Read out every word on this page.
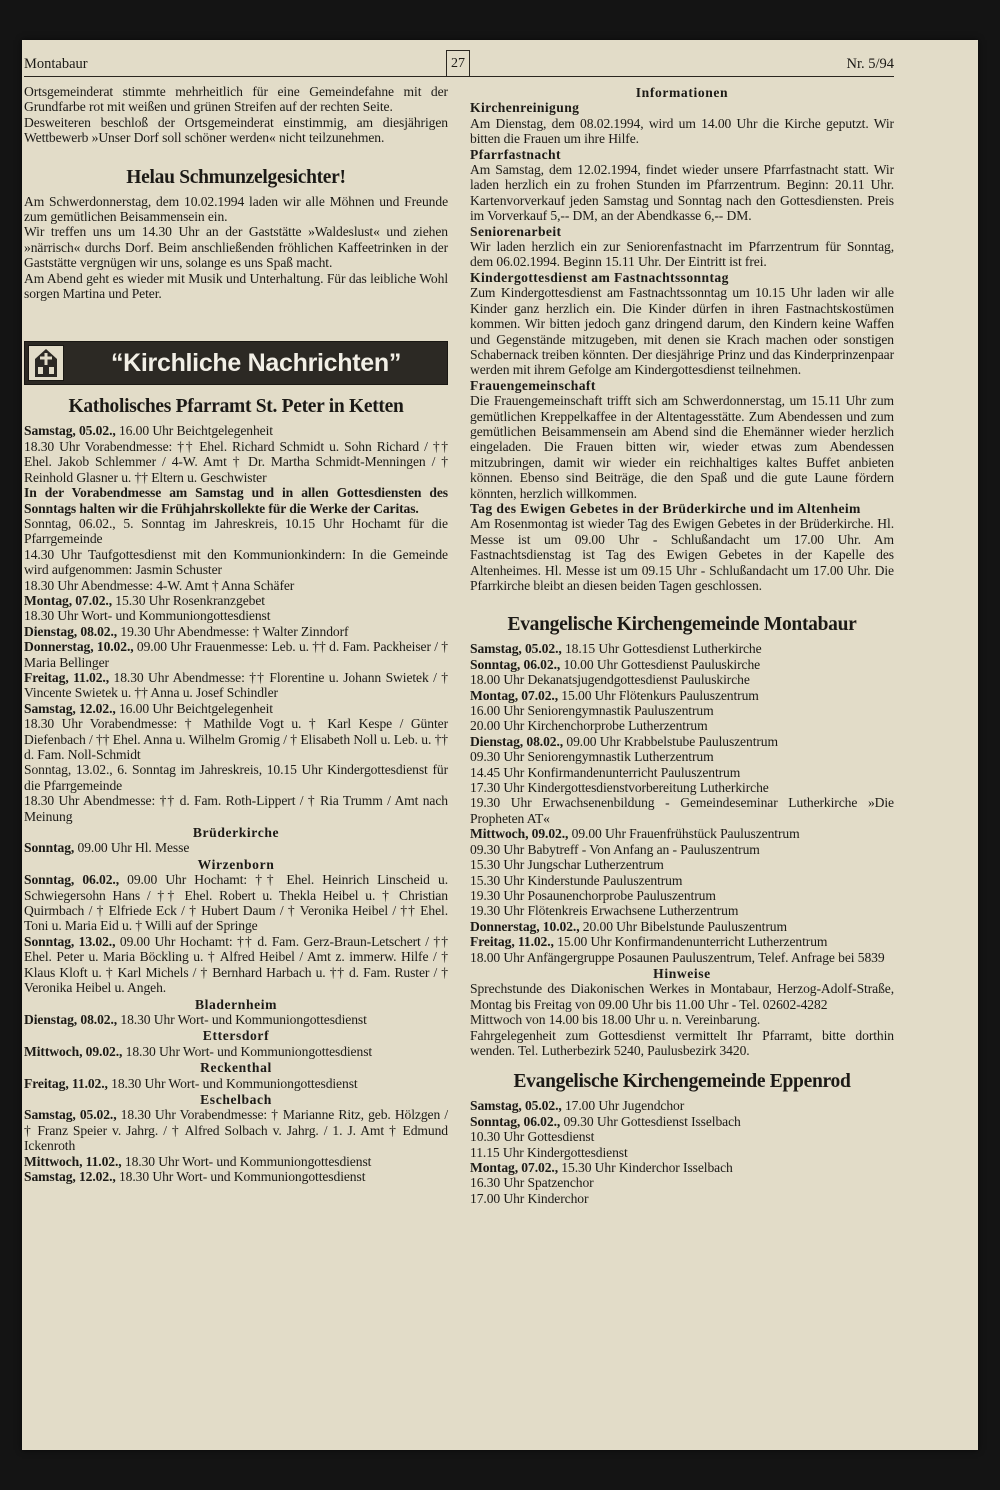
Montabaur	27	Nr. 5/94

Ortsgemeinderat stimmte mehrheitlich für eine Gemeindefahne mit der Grundfarbe rot mit weißen und grünen Streifen auf der rechten Seite.

Desweiteren beschloß der Ortsgemeinderat einstimmig, am diesjährigen Wettbewerb »Unser Dorf soll schöner werden« nicht teilzunehmen.

Helau Schmunzelgesichter!

Am Schwerdonnerstag, dem 10.02.1994 laden wir alle Möhnen und Freunde zum gemütlichen Beisammensein ein.

Wir treffen uns um 14.30 Uhr an der Gaststätte »Waldeslust« und ziehen »närrisch« durchs Dorf. Beim anschließenden fröhlichen Kaffeetrinken in der Gaststätte vergnügen wir uns, solange es uns Spaß macht.

Am Abend geht es wieder mit Musik und Unterhaltung. Für das leibliche Wohl sorgen Martina und Peter.

“Kirchliche Nachrichten”
Katholisches Pfarramt St. Peter in Ketten

Samstag, 05.02., 16.00 Uhr Beichtgelegenheit

18.30 Uhr Vorabendmesse: †† Ehel. Richard Schmidt u. Sohn Richard / †† Ehel. Jakob Schlemmer / 4-W. Amt † Dr. Martha Schmidt-Menningen / † Reinhold Glasner u. †† Eltern u. Geschwister

In der Vorabendmesse am Samstag und in allen Gottesdiensten des Sonntags halten wir die Frühjahrskollekte für die Werke der Caritas.

Sonntag, 06.02., 5. Sonntag im Jahreskreis, 10.15 Uhr Hochamt für die Pfarrgemeinde

14.30 Uhr Taufgottesdienst mit den Kommunionkindern: In die Gemeinde wird aufgenommen: Jasmin Schuster

18.30 Uhr Abendmesse: 4-W. Amt † Anna Schäfer

Montag, 07.02., 15.30 Uhr Rosenkranzgebet

18.30 Uhr Wort- und Kommuniongottesdienst

Dienstag, 08.02., 19.30 Uhr Abendmesse: † Walter Zinndorf

Donnerstag, 10.02., 09.00 Uhr Frauenmesse: Leb. u. †† d. Fam. Packheiser / † Maria Bellinger

Freitag, 11.02., 18.30 Uhr Abendmesse: †† Florentine u. Johann Swietek / † Vincente Swietek u. †† Anna u. Josef Schindler

Samstag, 12.02., 16.00 Uhr Beichtgelegenheit

18.30 Uhr Vorabendmesse: † Mathilde Vogt u. † Karl Kespe / Günter Diefenbach / †† Ehel. Anna u. Wilhelm Gromig / † Elisabeth Noll u. Leb. u. †† d. Fam. Noll-Schmidt

Sonntag, 13.02., 6. Sonntag im Jahreskreis, 10.15 Uhr Kindergottesdienst für die Pfarrgemeinde

18.30 Uhr Abendmesse: †† d. Fam. Roth-Lippert / † Ria Trumm / Amt nach Meinung

Brüderkirche

Sonntag, 09.00 Uhr Hl. Messe

Wirzenborn

Sonntag, 06.02., 09.00 Uhr Hochamt: †† Ehel. Heinrich Linscheid u. Schwiegersohn Hans / †† Ehel. Robert u. Thekla Heibel u. † Christian Quirmbach / † Elfriede Eck / † Hubert Daum / † Veronika Heibel / †† Ehel. Toni u. Maria Eid u. † Willi auf der Springe

Sonntag, 13.02., 09.00 Uhr Hochamt: †† d. Fam. Gerz-Braun-Letschert / †† Ehel. Peter u. Maria Böckling u. † Alfred Heibel / Amt z. immerw. Hilfe / † Klaus Kloft u. † Karl Michels / † Bernhard Harbach u. †† d. Fam. Ruster / † Veronika Heibel u. Angeh.

Bladernheim

Dienstag, 08.02., 18.30 Uhr Wort- und Kommuniongottesdienst

Ettersdorf

Mittwoch, 09.02., 18.30 Uhr Wort- und Kommuniongottesdienst

Reckenthal

Freitag, 11.02., 18.30 Uhr Wort- und Kommuniongottesdienst

Eschelbach

Samstag, 05.02., 18.30 Uhr Vorabendmesse: † Marianne Ritz, geb. Hölzgen / † Franz Speier v. Jahrg. / † Alfred Solbach v. Jahrg. / 1. J. Amt † Edmund Ickenroth

Mittwoch, 11.02., 18.30 Uhr Wort- und Kommuniongottesdienst

Samstag, 12.02., 18.30 Uhr Wort- und Kommuniongottesdienst

Informationen
Kirchenreinigung

Am Dienstag, dem 08.02.1994, wird um 14.00 Uhr die Kirche geputzt. Wir bitten die Frauen um ihre Hilfe.

Pfarrfastnacht

Am Samstag, dem 12.02.1994, findet wieder unsere Pfarrfastnacht statt. Wir laden herzlich ein zu frohen Stunden im Pfarrzentrum. Beginn: 20.11 Uhr. Kartenvorverkauf jeden Samstag und Sonntag nach den Gottesdiensten. Preis im Vorverkauf 5,-- DM, an der Abendkasse 6,-- DM.

Seniorenarbeit

Wir laden herzlich ein zur Seniorenfastnacht im Pfarrzentrum für Sonntag, dem 06.02.1994. Beginn 15.11 Uhr. Der Eintritt ist frei.

Kindergottesdienst am Fastnachtssonntag

Zum Kindergottesdienst am Fastnachtssonntag um 10.15 Uhr laden wir alle Kinder ganz herzlich ein. Die Kinder dürfen in ihren Fastnachtskostümen kommen. Wir bitten jedoch ganz dringend darum, den Kindern keine Waffen und Gegenstände mitzugeben, mit denen sie Krach machen oder sonstigen Schabernack treiben könnten. Der diesjährige Prinz und das Kinderprinzenpaar werden mit ihrem Gefolge am Kindergottesdienst teilnehmen.

Frauengemeinschaft

Die Frauengemeinschaft trifft sich am Schwerdonnerstag, um 15.11 Uhr zum gemütlichen Kreppelkaffee in der Altentagesstätte. Zum Abendessen und zum gemütlichen Beisammensein am Abend sind die Ehemänner wieder herzlich eingeladen. Die Frauen bitten wir, wieder etwas zum Abendessen mitzubringen, damit wir wieder ein reichhaltiges kaltes Buffet anbieten können. Ebenso sind Beiträge, die den Spaß und die gute Laune fördern könnten, herzlich willkommen.

Tag des Ewigen Gebetes in der Brüderkirche und im Altenheim

Am Rosenmontag ist wieder Tag des Ewigen Gebetes in der Brüderkirche. Hl. Messe ist um 09.00 Uhr - Schlußandacht um 17.00 Uhr. Am Fastnachtsdienstag ist Tag des Ewigen Gebetes in der Kapelle des Altenheimes. Hl. Messe ist um 09.15 Uhr - Schlußandacht um 17.00 Uhr. Die Pfarrkirche bleibt an diesen beiden Tagen geschlossen.

Evangelische Kirchengemeinde Montabaur

Samstag, 05.02., 18.15 Uhr Gottesdienst Lutherkirche

Sonntag, 06.02., 10.00 Uhr Gottesdienst Pauluskirche

18.00 Uhr Dekanatsjugendgottesdienst Pauluskirche

Montag, 07.02., 15.00 Uhr Flötenkurs Pauluszentrum

16.00 Uhr Seniorengymnastik Pauluszentrum

20.00 Uhr Kirchenchorprobe Lutherzentrum

Dienstag, 08.02., 09.00 Uhr Krabbelstube Pauluszentrum

09.30 Uhr Seniorengymnastik Lutherzentrum

14.45 Uhr Konfirmandenunterricht Pauluszentrum

17.30 Uhr Kindergottesdienstvorbereitung Lutherkirche

19.30 Uhr Erwachsenenbildung - Gemeindeseminar Lutherkirche »Die Propheten AT«

Mittwoch, 09.02., 09.00 Uhr Frauenfrühstück Pauluszentrum

09.30 Uhr Babytreff - Von Anfang an - Pauluszentrum

15.30 Uhr Jungschar Lutherzentrum

15.30 Uhr Kinderstunde Pauluszentrum

19.30 Uhr Posaunenchorprobe Pauluszentrum

19.30 Uhr Flötenkreis Erwachsene Lutherzentrum

Donnerstag, 10.02., 20.00 Uhr Bibelstunde Pauluszentrum

Freitag, 11.02., 15.00 Uhr Konfirmandenunterricht Lutherzentrum

18.00 Uhr Anfängergruppe Posaunen Pauluszentrum, Telef. Anfrage bei 5839

Hinweise

Sprechstunde des Diakonischen Werkes in Montabaur, Herzog-Adolf-Straße, Montag bis Freitag von 09.00 Uhr bis 11.00 Uhr - Tel. 02602-4282

Mittwoch von 14.00 bis 18.00 Uhr u. n. Vereinbarung.

Fahrgelegenheit zum Gottesdienst vermittelt Ihr Pfarramt, bitte dorthin wenden. Tel. Lutherbezirk 5240, Paulusbezirk 3420.

Evangelische Kirchengemeinde Eppenrod

Samstag, 05.02., 17.00 Uhr Jugendchor

Sonntag, 06.02., 09.30 Uhr Gottesdienst Isselbach

10.30 Uhr Gottesdienst

11.15 Uhr Kindergottesdienst

Montag, 07.02., 15.30 Uhr Kinderchor Isselbach

16.30 Uhr Spatzenchor

17.00 Uhr Kinderchor
